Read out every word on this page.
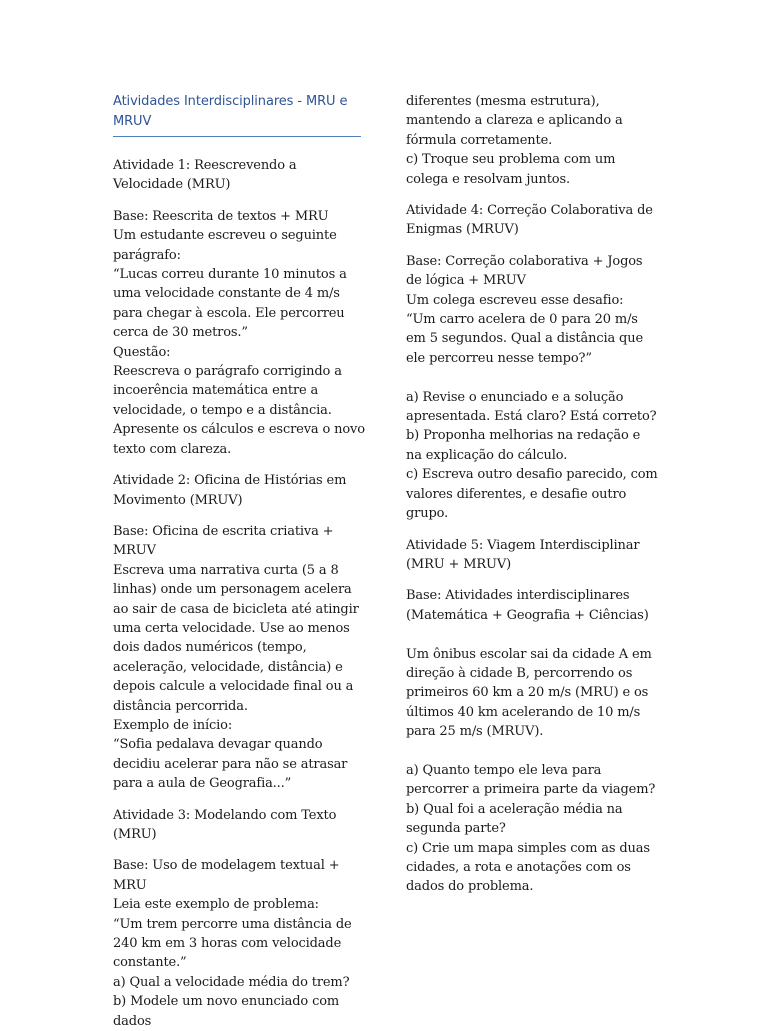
Atividades Interdisciplinares - MRU e MRUV
Atividade 1: Reescrevendo a Velocidade (MRU)
Base: Reescrita de textos + MRU
Um estudante escreveu o seguinte parágrafo:
“Lucas correu durante 10 minutos a uma velocidade constante de 4 m/s para chegar à escola. Ele percorreu cerca de 30 metros.”
Questão:
Reescreva o parágrafo corrigindo a incoerência matemática entre a velocidade, o tempo e a distância. Apresente os cálculos e escreva o novo texto com clareza.
Atividade 2: Oficina de Histórias em Movimento (MRUV)
Base: Oficina de escrita criativa + MRUV
Escreva uma narrativa curta (5 a 8 linhas) onde um personagem acelera ao sair de casa de bicicleta até atingir uma certa velocidade. Use ao menos dois dados numéricos (tempo, aceleração, velocidade, distância) e depois calcule a velocidade final ou a distância percorrida.
Exemplo de início:
“Sofia pedalava devagar quando decidiu acelerar para não se atrasar para a aula de Geografia...”
Atividade 3: Modelando com Texto (MRU)
Base: Uso de modelagem textual + MRU
Leia este exemplo de problema:
“Um trem percorre uma distância de 240 km em 3 horas com velocidade constante.”
a) Qual a velocidade média do trem?
b) Modele um novo enunciado com dados
diferentes (mesma estrutura), mantendo a clareza e aplicando a fórmula corretamente.
c) Troque seu problema com um colega e resolvam juntos.
Atividade 4: Correção Colaborativa de Enigmas (MRUV)
Base: Correção colaborativa + Jogos de lógica + MRUV
Um colega escreveu esse desafio:
“Um carro acelera de 0 para 20 m/s em 5 segundos. Qual a distância que ele percorreu nesse tempo?”
a) Revise o enunciado e a solução apresentada. Está claro? Está correto?
b) Proponha melhorias na redação e na explicação do cálculo.
c) Escreva outro desafio parecido, com valores diferentes, e desafie outro grupo.
Atividade 5: Viagem Interdisciplinar (MRU + MRUV)
Base: Atividades interdisciplinares (Matemática + Geografia + Ciências)
Um ônibus escolar sai da cidade A em direção à cidade B, percorrendo os primeiros 60 km a 20 m/s (MRU) e os últimos 40 km acelerando de 10 m/s para 25 m/s (MRUV).
a) Quanto tempo ele leva para percorrer a primeira parte da viagem?
b) Qual foi a aceleração média na segunda parte?
c) Crie um mapa simples com as duas cidades, a rota e anotações com os dados do problema.
